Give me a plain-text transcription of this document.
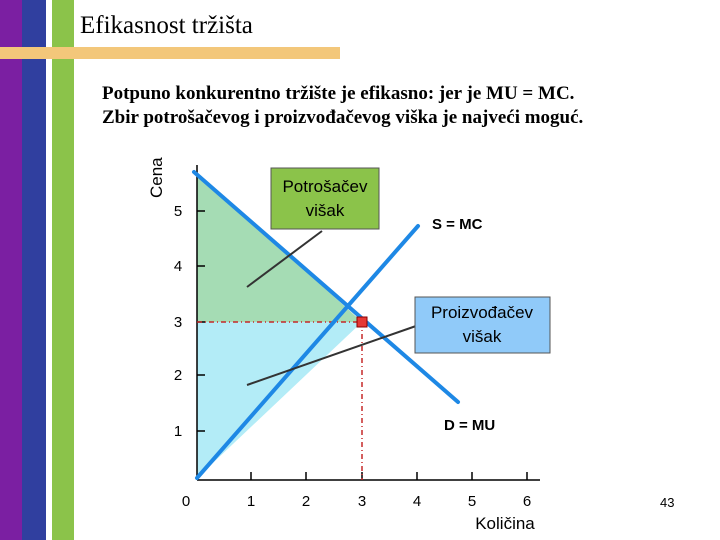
Efikasnost tržišta
Potpuno konkurentno tržište je efikasno: jer je MU = MC.
Zbir potrošačevog i proizvođačevog viška je najveći moguć.
Potrošačev
višak
Proizvođačev
višak
S = MC
D = MU
Cena
1
2
3
4
5
0	1	2	3	4	5	6
Količina
43
